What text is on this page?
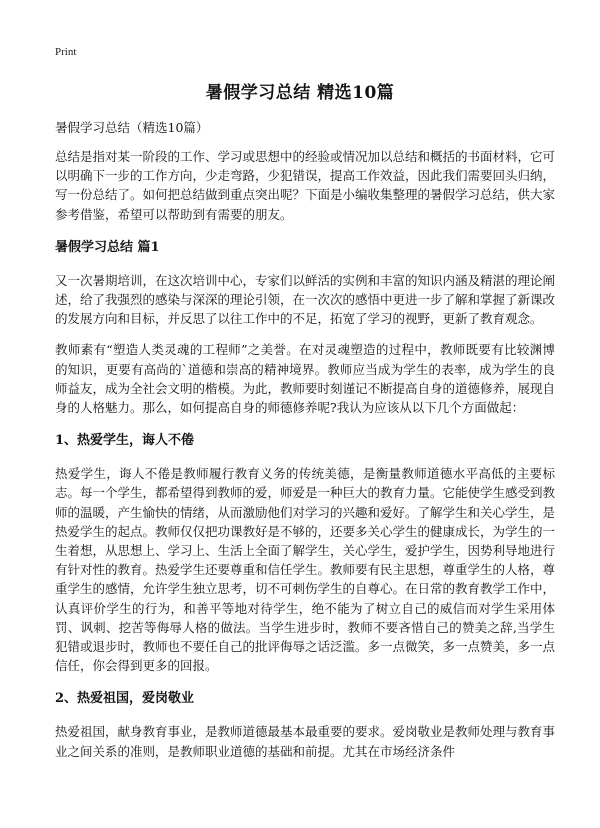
Print
暑假学习总结 精选10篇
暑假学习总结（精选10篇）

总结是指对某一阶段的工作、学习或思想中的经验或情况加以总结和概括的书面材料，它可以明确下一步的工作方向，少走弯路，少犯错误，提高工作效益，因此我们需要回头归纳，写一份总结了。如何把总结做到重点突出呢？下面是小编收集整理的暑假学习总结，供大家参考借鉴，希望可以帮助到有需要的朋友。

暑假学习总结 篇1

又一次暑期培训，在这次培训中心，专家们以鲜活的实例和丰富的知识内涵及精湛的理论阐述，给了我强烈的感染与深深的理论引领，在一次次的感悟中更进一步了解和掌握了新课改的发展方向和目标，并反思了以往工作中的不足，拓宽了学习的视野，更新了教育观念。

教师素有“塑造人类灵魂的工程师”之美誉。在对灵魂塑造的过程中，教师既要有比较渊博的知识，更要有高尚的`道德和崇高的精神境界。教师应当成为学生的表率，成为学生的良师益友，成为全社会文明的楷模。为此，教师要时刻谨记不断提高自身的道德修养，展现自身的人格魅力。那么，如何提高自身的师德修养呢?我认为应该从以下几个方面做起：

1、热爱学生，诲人不倦

热爱学生，诲人不倦是教师履行教育义务的传统美德，是衡量教师道德水平高低的主要标志。每一个学生，都希望得到教师的爱，师爱是一种巨大的教育力量。它能使学生感受到教师的温暖，产生愉快的情绪，从而激励他们对学习的兴趣和爱好。了解学生和关心学生，是热爱学生的起点。教师仅仅把功课教好是不够的，还要多关心学生的健康成长，为学生的一生着想，从思想上、学习上、生活上全面了解学生，关心学生，爱护学生，因势利导地进行有针对性的教育。热爱学生还要尊重和信任学生。教师要有民主思想，尊重学生的人格，尊重学生的感情，允许学生独立思考，切不可刺伤学生的自尊心。在日常的教育教学工作中，认真评价学生的行为，和善平等地对待学生，绝不能为了树立自己的威信而对学生采用体罚、讽刺、挖苦等侮辱人格的做法。当学生进步时，教师不要吝惜自己的赞美之辞,当学生犯错或退步时，教师也不要任自己的批评侮辱之话泛滥。多一点微笑，多一点赞美，多一点信任，你会得到更多的回报。

2、热爱祖国，爱岗敬业

热爱祖国，献身教育事业，是教师道德最基本最重要的要求。爱岗敬业是教师处理与教育事业之间关系的准则，是教师职业道德的基础和前提。尤其在市场经济条件
